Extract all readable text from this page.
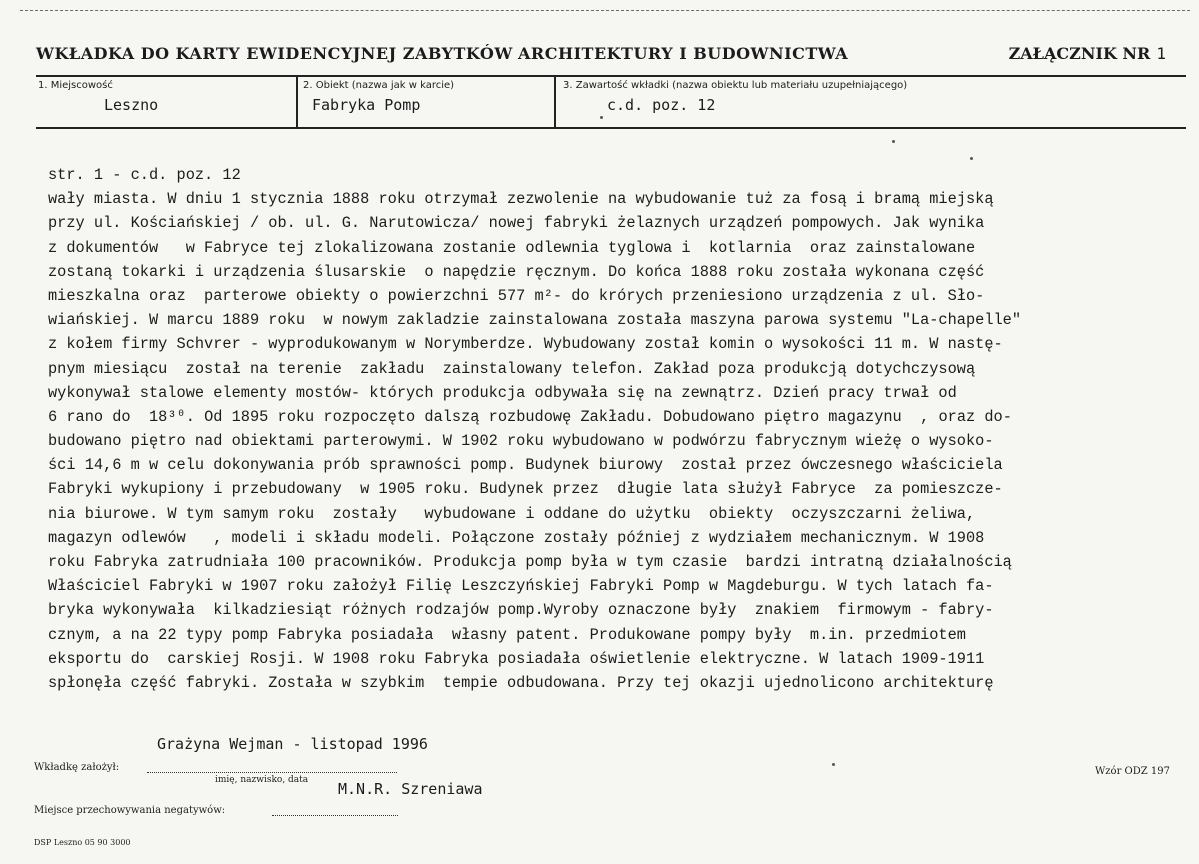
WKŁADKA DO KARTY EWIDENCYJNEJ ZABYTKÓW ARCHITEKTURY I BUDOWNICTWA	ZAŁĄCZNIK NR 1
1. Miejscowość
Leszno
2. Obiekt (nazwa jak w karcie)
Fabryka Pomp
3. Zawartość wkładki (nazwa obiektu lub materiału uzupełniającego)
c.d. poz. 12
str. 1 - c.d. poz. 12
wały miasta. W dniu 1 stycznia 1888 roku otrzymał zezwolenie na wybudowanie tuż za fosą i bramą miejską
przy ul. Kościańskiej / ob. ul. G. Narutowicza/ nowej fabryki żelaznych urządzeń pompowych. Jak wynika
z dokumentów   w Fabryce tej zlokalizowana zostanie odlewnia tyglowa i  kotlarnia  oraz zainstalowane
zostaną tokarki i urządzenia ślusarskie  o napędzie ręcznym. Do końca 1888 roku została wykonana część
mieszkalna oraz  parterowe obiekty o powierzchni 577 m²- do krórych przeniesiono urządzenia z ul. Sło-
wiańskiej. W marcu 1889 roku  w nowym zakladzie zainstalowana została maszyna parowa systemu "La-chapelle"
z kołem firmy Schvrer - wyprodukowanym w Norymberdze. Wybudowany został komin o wysokości 11 m. W nastę-
pnym miesiącu  został na terenie  zakładu  zainstalowany telefon. Zakład poza produkcją dotychczysową
wykonywał stalowe elementy mostów- których produkcja odbywała się na zewnątrz. Dzień pracy trwał od
6 rano do  18³⁰. Od 1895 roku rozpoczęto dalszą rozbudowę Zakładu. Dobudowano piętro magazynu  , oraz do-
budowano piętro nad obiektami parterowymi. W 1902 roku wybudowano w podwórzu fabrycznym wieżę o wysoko-
ści 14,6 m w celu dokonywania prób sprawności pomp. Budynek biurowy  został przez ówczesnego właściciela
Fabryki wykupiony i przebudowany  w 1905 roku. Budynek przez  długie lata służył Fabryce  za pomieszcze-
nia biurowe. W tym samym roku  zostały   wybudowane i oddane do użytku  obiekty  oczyszczarni żeliwa,
magazyn odlewów   , modeli i składu modeli. Połączone zostały później z wydziałem mechanicznym. W 1908
roku Fabryka zatrudniała 100 pracowników. Produkcja pomp była w tym czasie  bardzi intratną działalnością
Właściciel Fabryki w 1907 roku założył Filię Leszczyńskiej Fabryki Pomp w Magdeburgu. W tych latach fa-
bryka wykonywała  kilkadziesiąt różnych rodzajów pomp.Wyroby oznaczone były  znakiem  firmowym - fabry-
cznym, a na 22 typy pomp Fabryka posiadała  własny patent. Produkowane pompy były  m.in. przedmiotem
eksportu do  carskiej Rosji. W 1908 roku Fabryka posiadała oświetlenie elektryczne. W latach 1909-1911
spłonęła część fabryki. Została w szybkim  tempie odbudowana. Przy tej okazji ujednolicono architekturę
Grażyna Wejman - listopad 1996
Wkładkę założył:
imię, nazwisko, data M.N.R. Szreniawa
Wzór ODZ 197
Miejsce przechowywania negatywów:
DSP Leszno 05 90 3000
